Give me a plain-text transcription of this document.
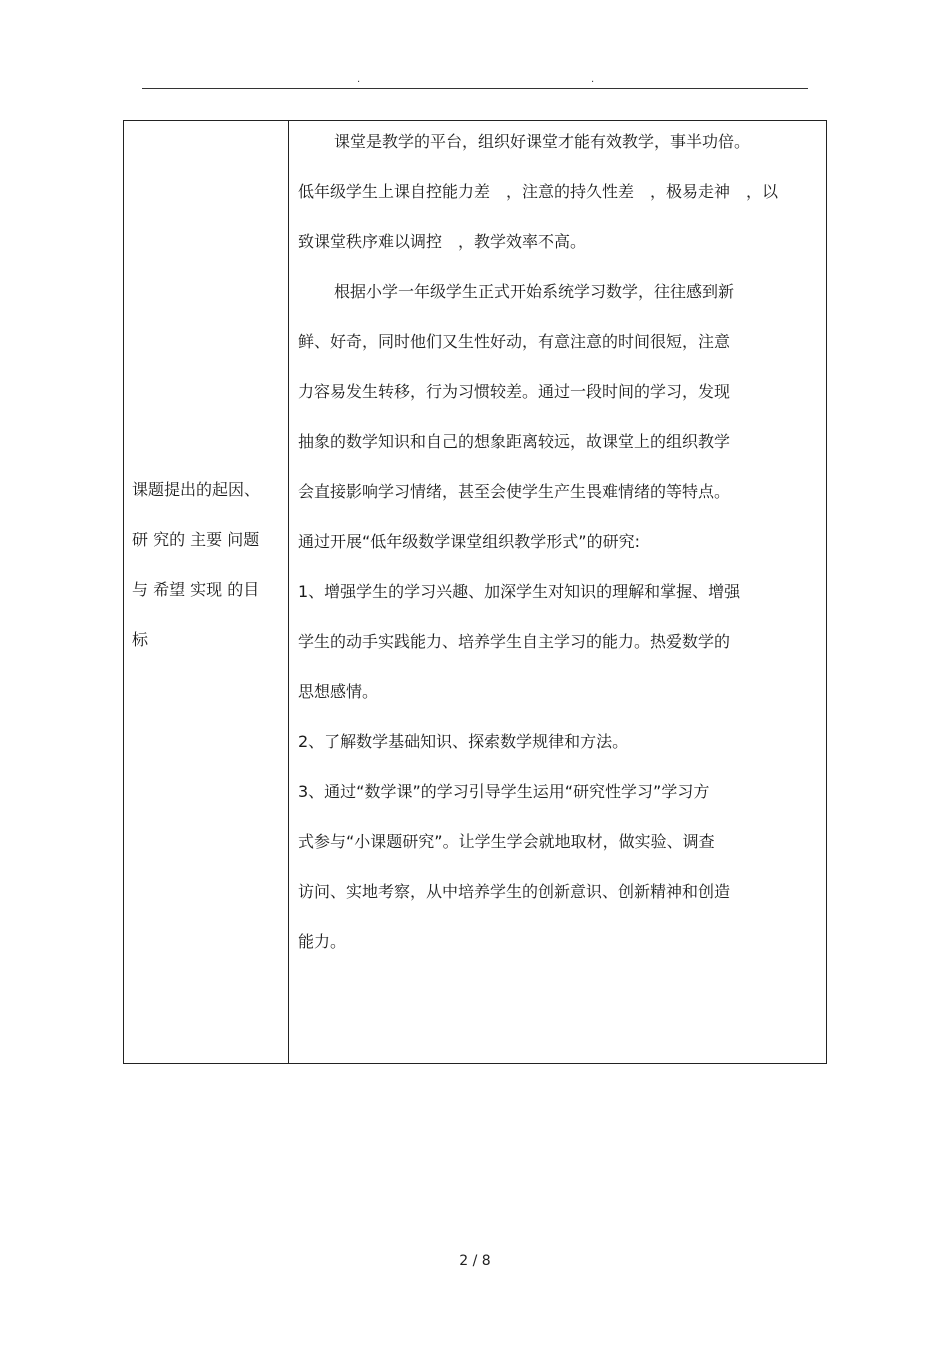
.	.
课题提出的起因、
研 究的 主要 问题
与 希望 实现 的目
标
课堂是教学的平台，组织好课堂才能有效教学，事半功倍。
低年级学生上课自控能力差　，注意的持久性差　，极易走神　，以
致课堂秩序难以调控　，教学效率不高。
根据小学一年级学生正式开始系统学习数学，往往感到新
鲜、好奇，同时他们又生性好动，有意注意的时间很短，注意
力容易发生转移，行为习惯较差。通过一段时间的学习，发现
抽象的数学知识和自己的想象距离较远，故课堂上的组织教学
会直接影响学习情绪，甚至会使学生产生畏难情绪的等特点。
通过开展“低年级数学课堂组织教学形式”的研究:
1、增强学生的学习兴趣、加深学生对知识的理解和掌握、增强
学生的动手实践能力、培养学生自主学习的能力。热爱数学的
思想感情。
2、了解数学基础知识、探索数学规律和方法。
3、通过“数学课”的学习引导学生运用“研究性学习”学习方
式参与“小课题研究”。让学生学会就地取材，做实验、调查
访问、实地考察，从中培养学生的创新意识、创新精神和创造
能力。
2 / 8
